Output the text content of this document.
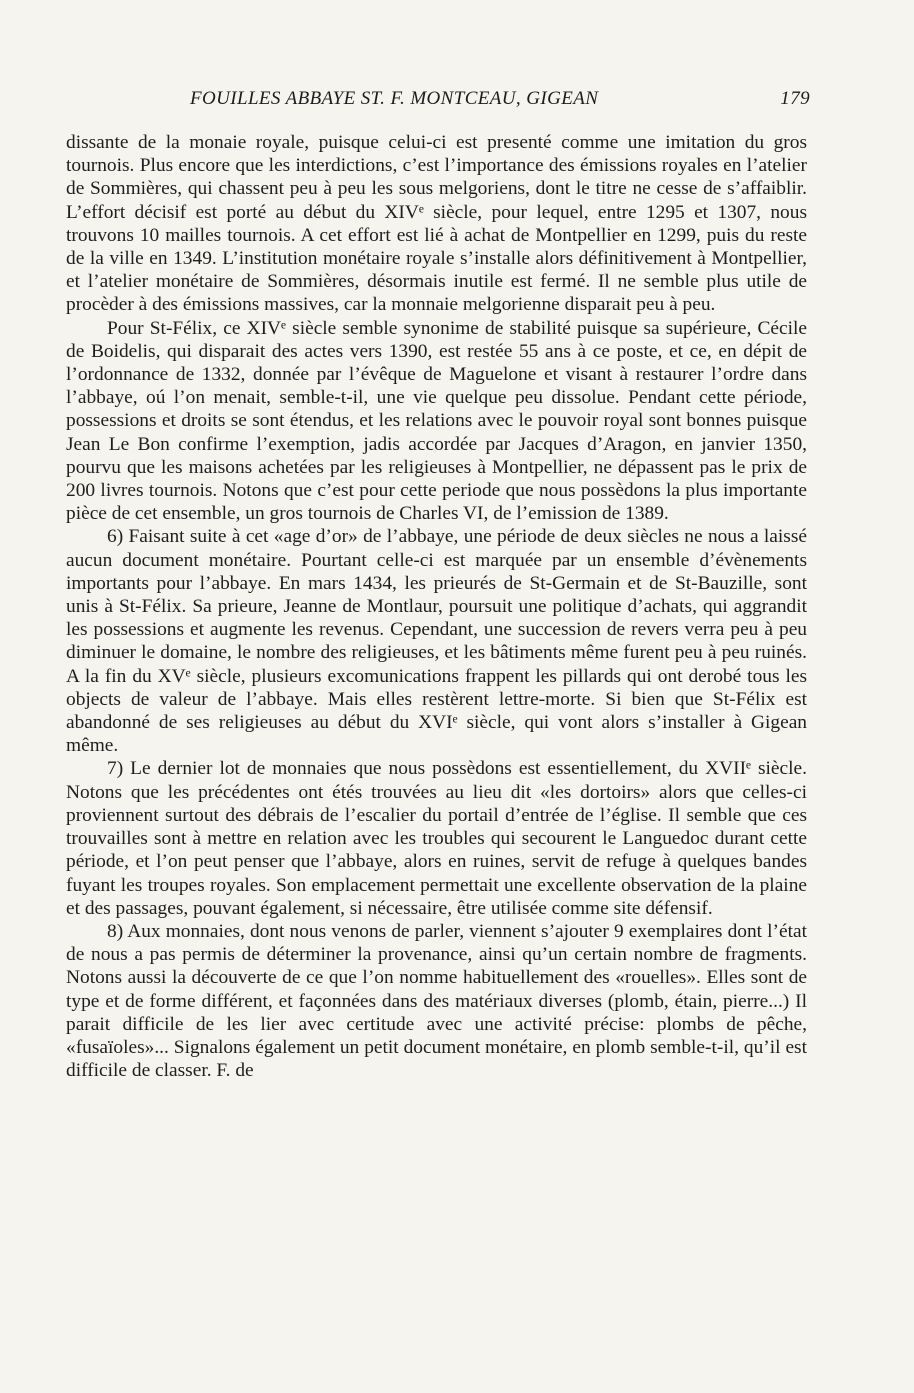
FOUILLES ABBAYE ST. F. MONTCEAU, GIGEAN	179

dissante de la monaie royale, puisque celui-ci est presenté comme une imitation du gros tournois. Plus encore que les interdictions, c’est l’importance des émissions royales en l’atelier de Sommières, qui chassent peu à peu les sous melgoriens, dont le titre ne cesse de s’affaiblir. L’effort décisif est porté au début du XIVᵉ siècle, pour lequel, entre 1295 et 1307, nous trouvons 10 mailles tournois. A cet effort est lié à achat de Montpellier en 1299, puis du reste de la ville en 1349. L’institution monétaire royale s’installe alors définitivement à Montpellier, et l’atelier monétaire de Sommières, désormais inutile est fermé. Il ne semble plus utile de procèder à des émissions massives, car la monnaie melgorienne disparait peu à peu.

Pour St-Félix, ce XIVᵉ siècle semble synonime de stabilité puisque sa supérieure, Cécile de Boidelis, qui disparait des actes vers 1390, est restée 55 ans à ce poste, et ce, en dépit de l’ordonnance de 1332, donnée par l’évêque de Maguelone et visant à restaurer l’ordre dans l’abbaye, oú l’on menait, semble-t-il, une vie quelque peu dissolue. Pendant cette période, possessions et droits se sont étendus, et les relations avec le pouvoir royal sont bonnes puisque Jean Le Bon confirme l’exemption, jadis accordée par Jacques d’Aragon, en janvier 1350, pourvu que les maisons achetées par les religieuses à Montpellier, ne dépassent pas le prix de 200 livres tournois. Notons que c’est pour cette periode que nous possèdons la plus importante pièce de cet ensemble, un gros tournois de Charles VI, de l’emission de 1389.

6) Faisant suite à cet «age d’or» de l’abbaye, une période de deux siècles ne nous a laissé aucun document monétaire. Pourtant celle-ci est marquée par un ensemble d’évènements importants pour l’abbaye. En mars 1434, les prieurés de St-Germain et de St-Bauzille, sont unis à St-Félix. Sa prieure, Jeanne de Montlaur, poursuit une politique d’achats, qui aggrandit les possessions et augmente les revenus. Cependant, une succession de revers verra peu à peu diminuer le domaine, le nombre des religieuses, et les bâtiments même furent peu à peu ruinés. A la fin du XVᵉ siècle, plusieurs excomunications frappent les pillards qui ont derobé tous les objects de valeur de l’abbaye. Mais elles restèrent lettre-morte. Si bien que St-Félix est abandonné de ses religieuses au début du XVIᵉ siècle, qui vont alors s’installer à Gigean même.

7) Le dernier lot de monnaies que nous possèdons est essentiellement, du XVIIᵉ siècle. Notons que les précédentes ont étés trouvées au lieu dit «les dortoirs» alors que celles-ci proviennent surtout des débrais de l’escalier du portail d’entrée de l’église. Il semble que ces trouvailles sont à mettre en relation avec les troubles qui secourent le Languedoc durant cette période, et l’on peut penser que l’abbaye, alors en ruines, servit de refuge à quelques bandes fuyant les troupes royales. Son emplacement permettait une excellente observation de la plaine et des passages, pouvant également, si nécessaire, être utilisée comme site défensif.

8) Aux monnaies, dont nous venons de parler, viennent s’ajouter 9 exemplaires dont l’état de nous a pas permis de déterminer la provenance, ainsi qu’un certain nombre de fragments. Notons aussi la découverte de ce que l’on nomme habituellement des «rouelles». Elles sont de type et de forme différent, et façonnées dans des matériaux diverses (plomb, étain, pierre...) Il parait difficile de les lier avec certitude avec une activité précise: plombs de pêche, «fusaïoles»... Signalons également un petit document monétaire, en plomb semble-t-il, qu’il est difficile de classer. F. de
